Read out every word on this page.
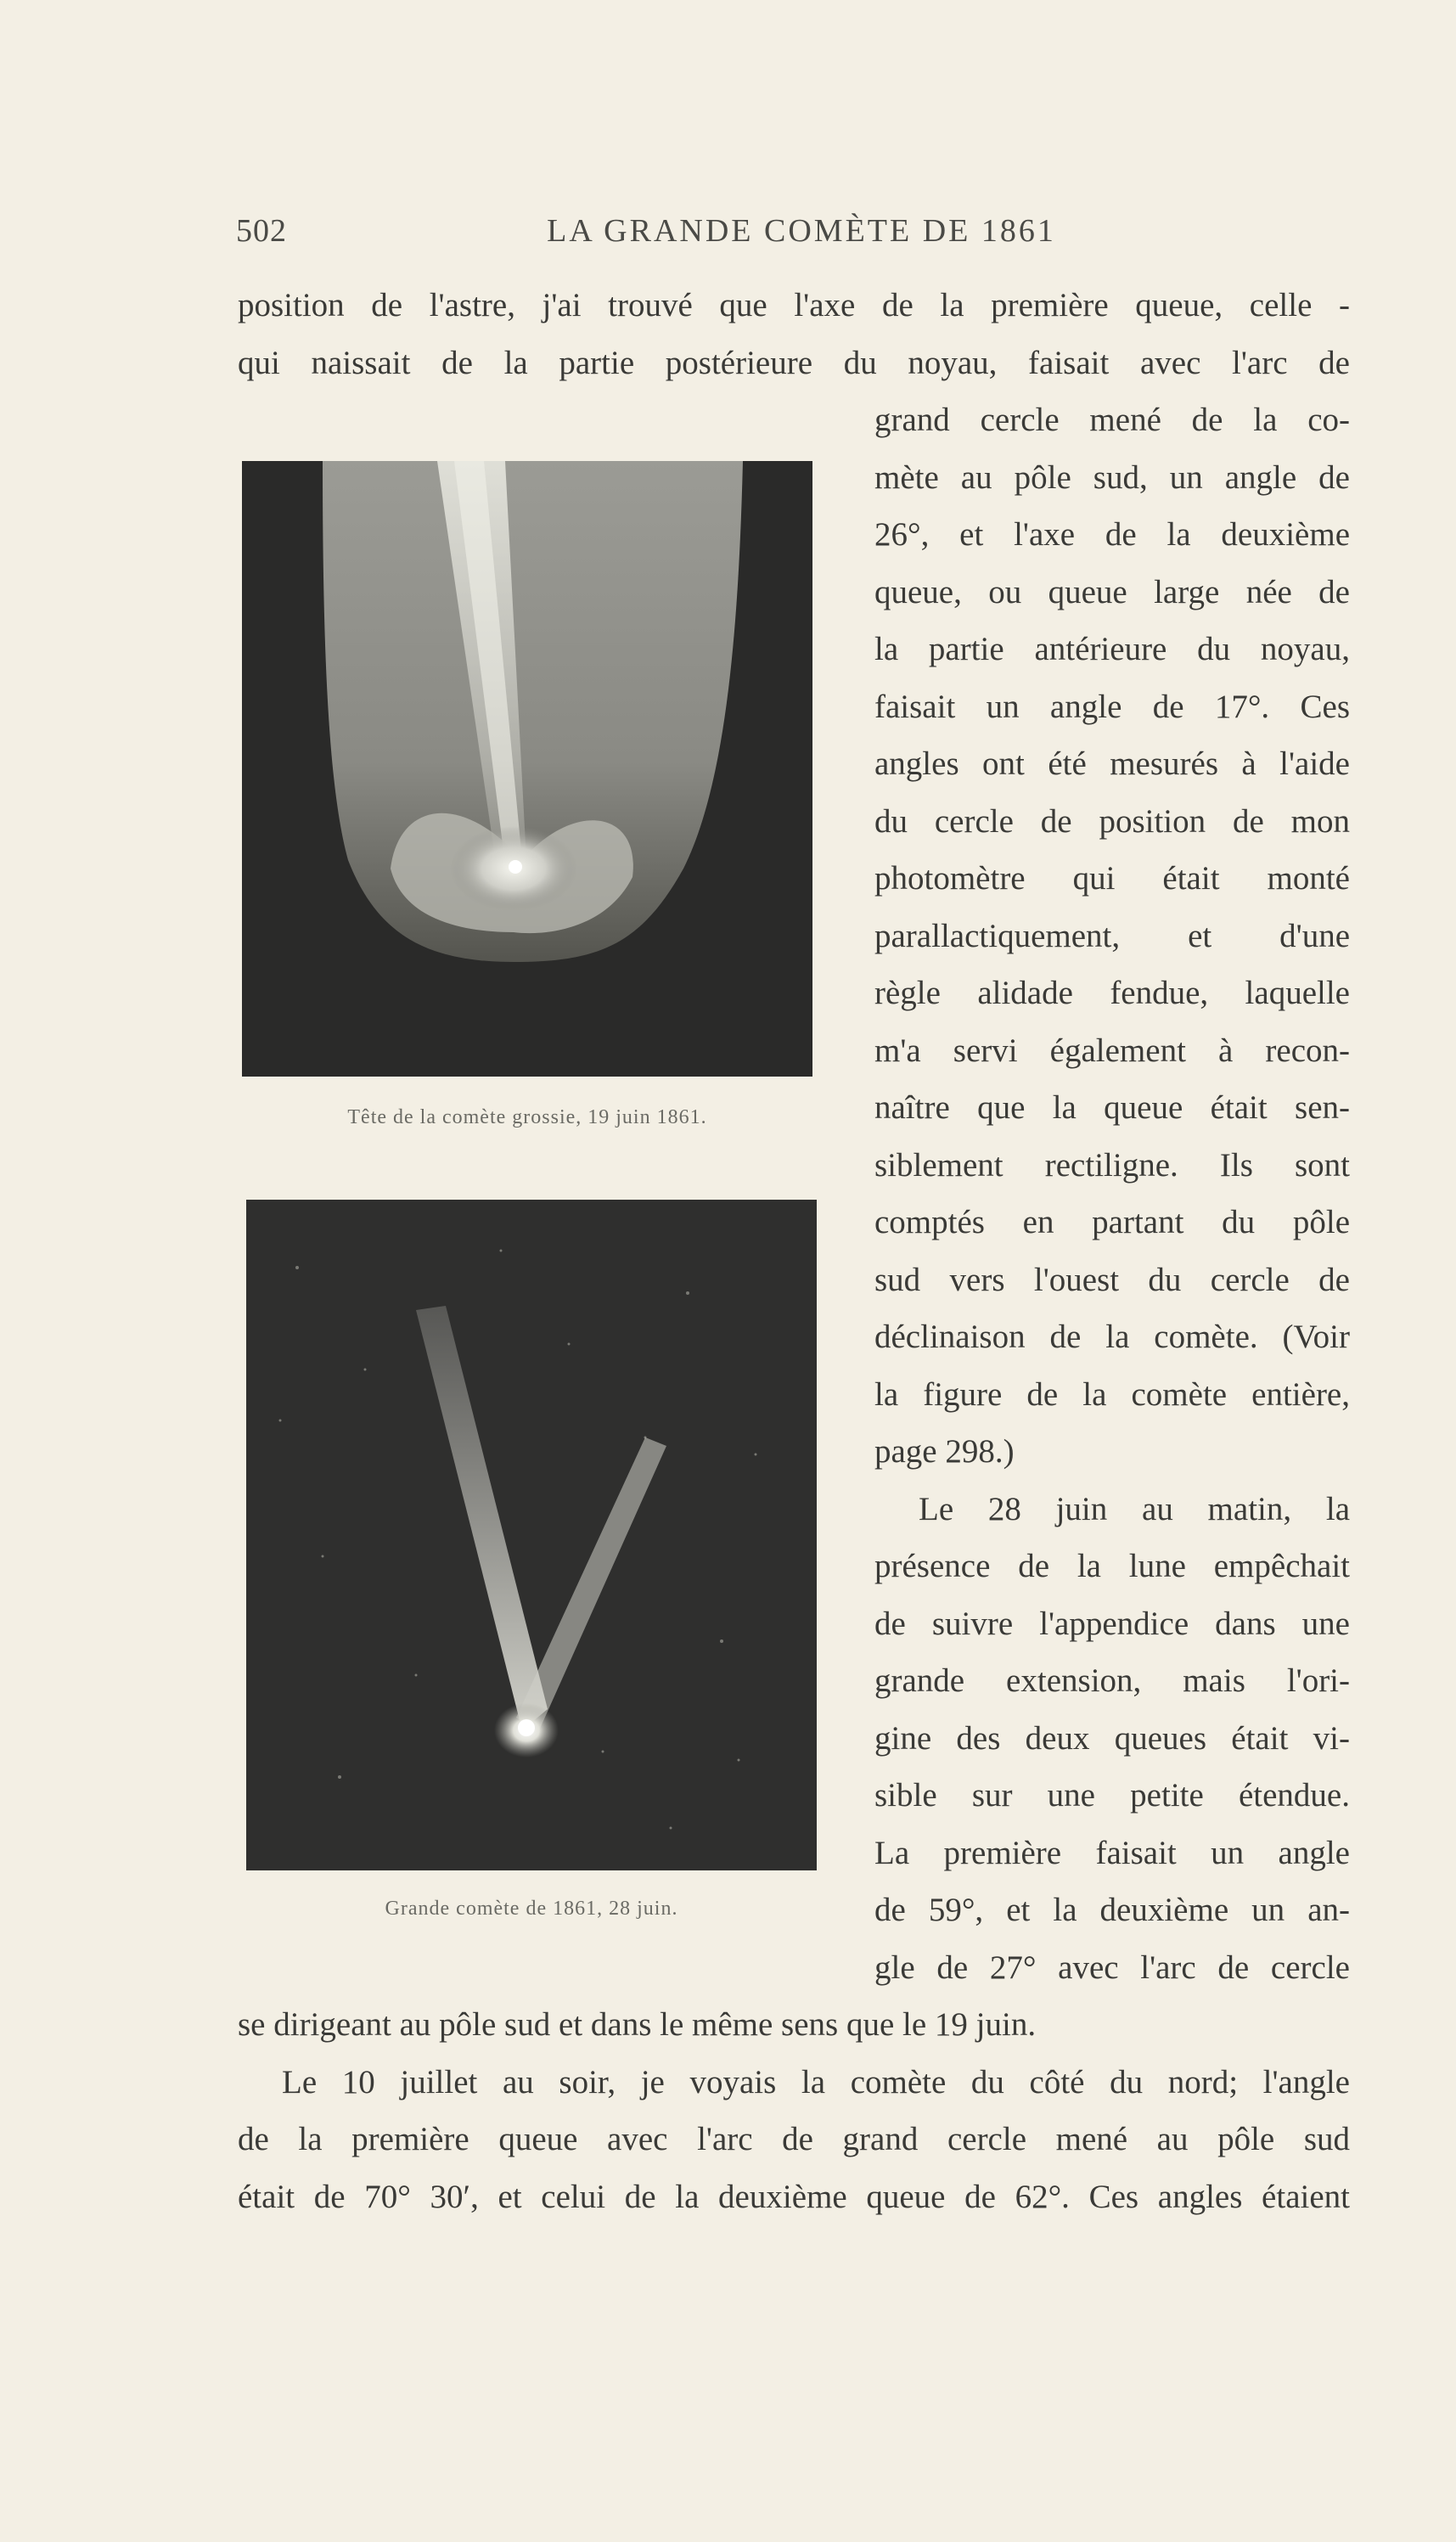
502	LA GRANDE COMÈTE DE 1861
position de l'astre, j'ai trouvé que l'axe de la première queue, celle -
qui naissait de la partie postérieure du noyau, faisait avec l'arc de
grand cercle mené de la co-
mète au pôle sud, un angle de
26°, et l'axe de la deuxième
queue, ou queue large née de
la partie antérieure du noyau,
faisait un angle de 17°. Ces
angles ont été mesurés à l'aide
du cercle de position de mon
photomètre qui était monté
parallactiquement, et d'une
règle alidade fendue, laquelle
m'a servi également à recon-
naître que la queue était sen-
siblement rectiligne. Ils sont
comptés en partant du pôle
sud vers l'ouest du cercle de
déclinaison de la comète. (Voir
la figure de la comète entière,
page 298.)
Le 28 juin au matin, la
présence de la lune empêchait
de suivre l'appendice dans une
grande extension, mais l'ori-
gine des deux queues était vi-
sible sur une petite étendue.
La première faisait un angle
de 59°, et la deuxième un an-
gle de 27° avec l'arc de cercle
se dirigeant au pôle sud et dans le même sens que le 19 juin.
Le 10 juillet au soir, je voyais la comète du côté du nord; l'angle
de la première queue avec l'arc de grand cercle mené au pôle sud
était de 70° 30′, et celui de la deuxième queue de 62°. Ces angles étaient
Tête de la comète grossie, 19 juin 1861.
Grande comète de 1861, 28 juin.
